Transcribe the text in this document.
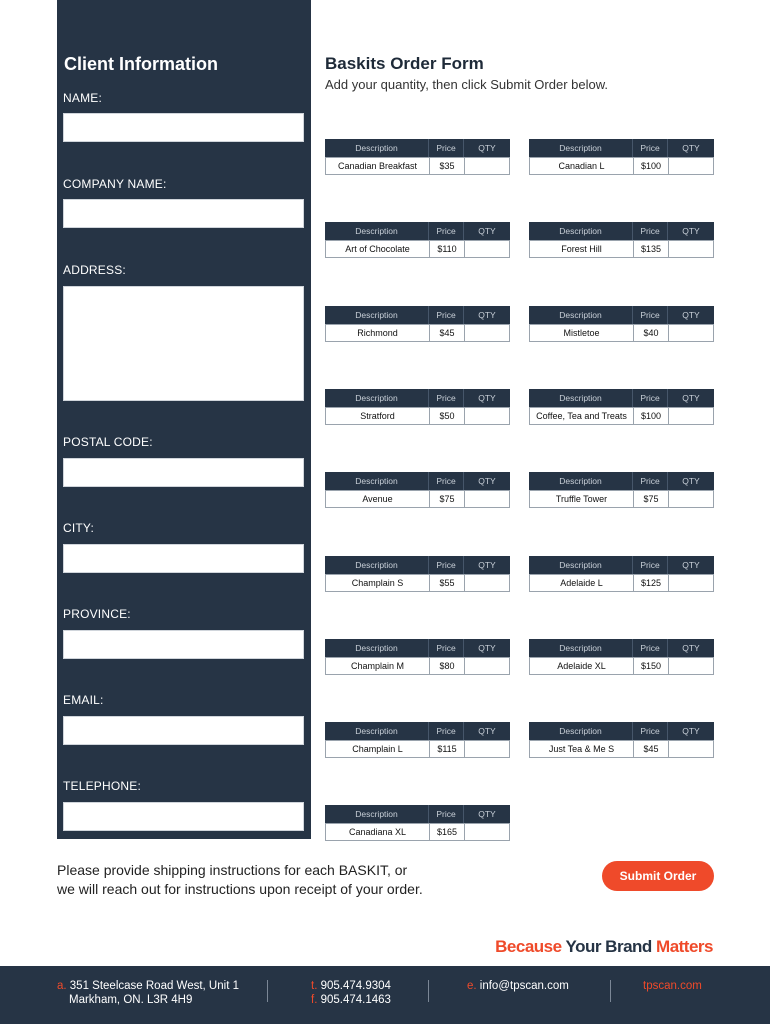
Client Information
NAME:
COMPANY NAME:
ADDRESS:
POSTAL CODE:
CITY:
PROVINCE:
EMAIL:
TELEPHONE:
Baskits Order Form
Add your quantity, then click Submit Order below.
Description	Price	QTY
Canadian Breakfast	$35
Description	Price	QTY
Canadian L	$100
Description	Price	QTY
Art of Chocolate	$110
Description	Price	QTY
Forest Hill	$135
Description	Price	QTY
Richmond	$45
Description	Price	QTY
Mistletoe	$40
Description	Price	QTY
Stratford	$50
Description	Price	QTY
Coffee, Tea and Treats	$100
Description	Price	QTY
Avenue	$75
Description	Price	QTY
Truffle Tower	$75
Description	Price	QTY
Champlain S	$55
Description	Price	QTY
Adelaide L	$125
Description	Price	QTY
Champlain M	$80
Description	Price	QTY
Adelaide XL	$150
Description	Price	QTY
Champlain L	$115
Description	Price	QTY
Just Tea & Me S	$45
Description	Price	QTY
Canadiana XL	$165
Please provide shipping instructions for each BASKIT, or
we will reach out for instructions upon receipt of your order.
Submit Order
Because Your Brand Matters
a. 351 Steelcase Road West, Unit 1
Markham, ON. L3R 4H9
t. 905.474.9304
f. 905.474.1463
e. info@tpscan.com	tpscan.com
